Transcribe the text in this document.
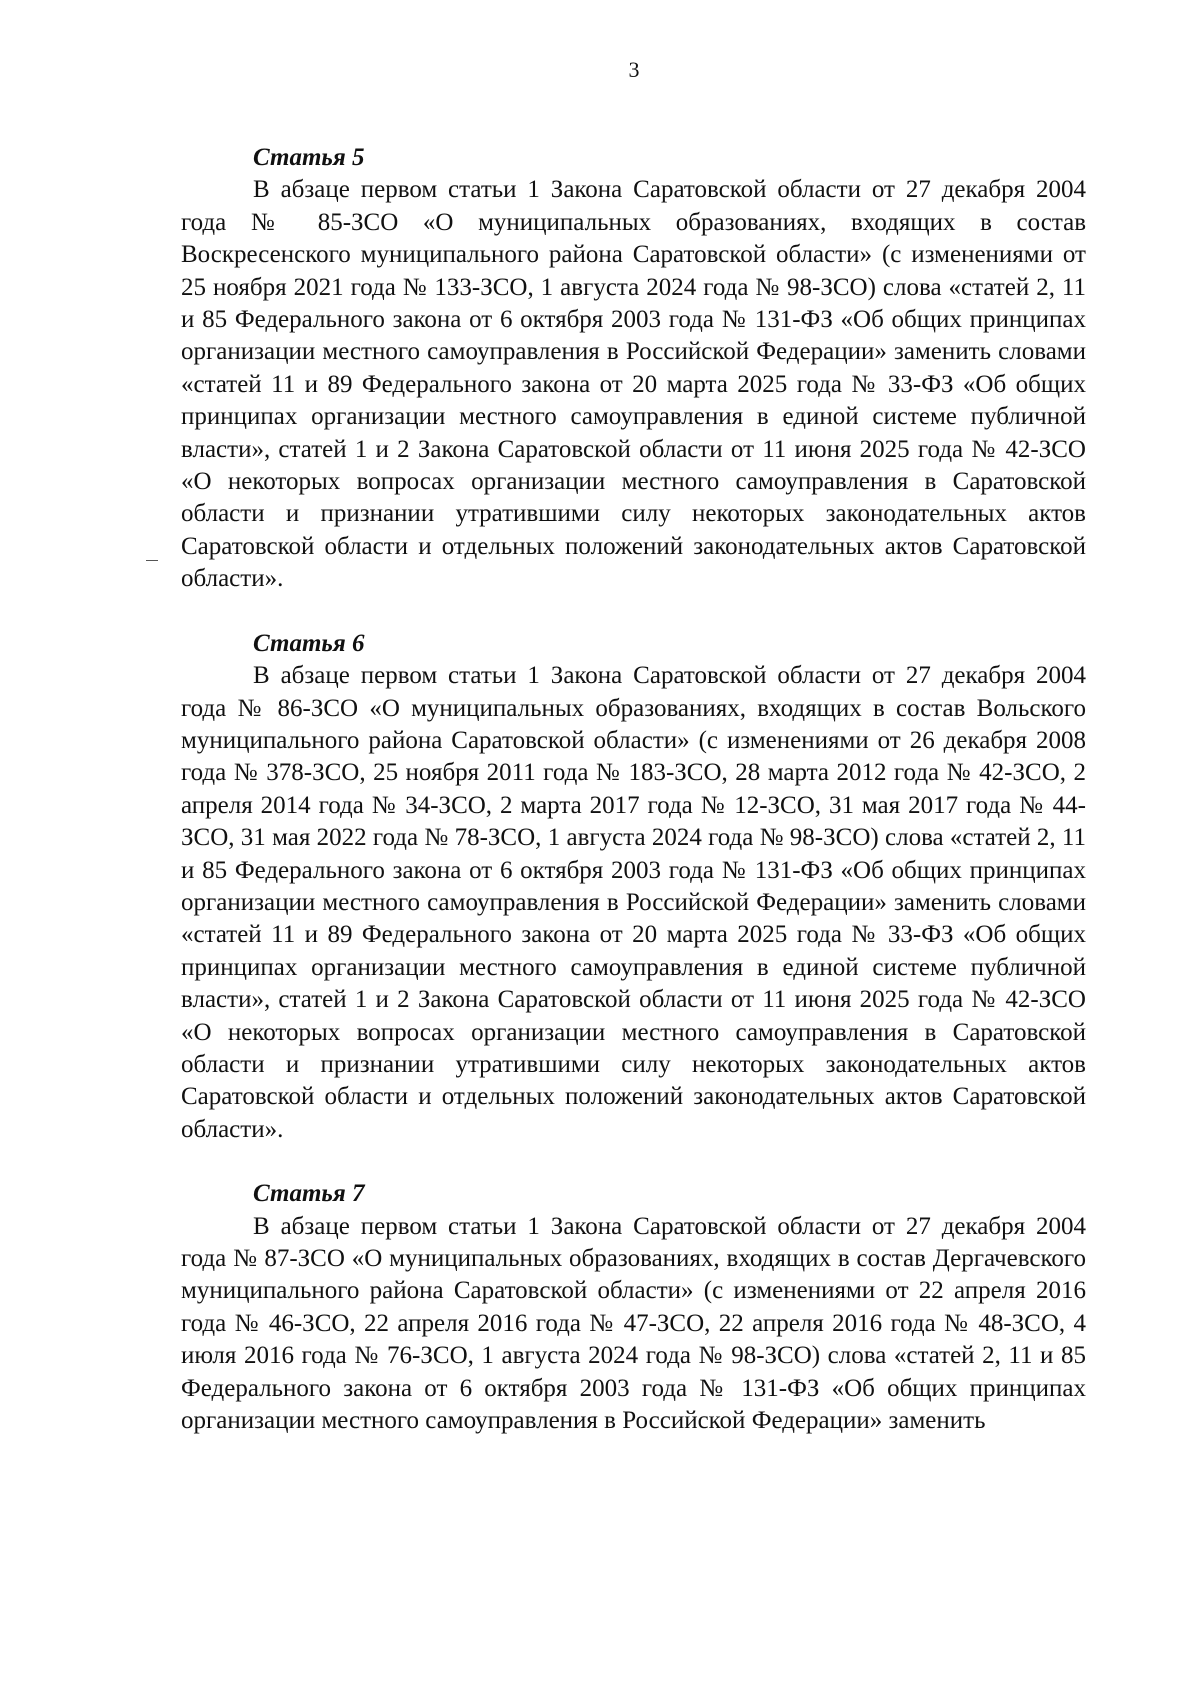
3
Статья 5

В абзаце первом статьи 1 Закона Саратовской области от 27 декабря 2004 года № 85-ЗСО «О муниципальных образованиях, входящих в состав Воскресенского муниципального района Саратовской области» (с изменениями от 25 ноября 2021 года № 133-ЗСО, 1 августа 2024 года № 98-ЗСО) слова «статей 2, 11 и 85 Федерального закона от 6 октября 2003 года № 131-ФЗ «Об общих принципах организации местного самоуправления в Российской Федерации» заменить словами «статей 11 и 89 Федерального закона от 20 марта 2025 года № 33-ФЗ «Об общих принципах организации местного самоуправления в единой системе публичной власти», статей 1 и 2 Закона Саратовской области от 11 июня 2025 года № 42-ЗСО «О некоторых вопросах организации местного самоуправления в Саратовской области и признании утратившими силу некоторых законодательных актов Саратовской области и отдельных положений законодательных актов Саратовской области».

Статья 6

В абзаце первом статьи 1 Закона Саратовской области от 27 декабря 2004 года № 86-ЗСО «О муниципальных образованиях, входящих в состав Вольского муниципального района Саратовской области» (с изменениями от 26 декабря 2008 года № 378-ЗСО, 25 ноября 2011 года № 183-ЗСО, 28 марта 2012 года № 42-ЗСО, 2 апреля 2014 года № 34-ЗСО, 2 марта 2017 года № 12-ЗСО, 31 мая 2017 года № 44-ЗСО, 31 мая 2022 года № 78-ЗСО, 1 августа 2024 года № 98-ЗСО) слова «статей 2, 11 и 85 Федерального закона от 6 октября 2003 года № 131-ФЗ «Об общих принципах организации местного самоуправления в Российской Федерации» заменить словами «статей 11 и 89 Федерального закона от 20 марта 2025 года № 33-ФЗ «Об общих принципах организации местного самоуправления в единой системе публичной власти», статей 1 и 2 Закона Саратовской области от 11 июня 2025 года № 42-ЗСО «О некоторых вопросах организации местного самоуправления в Саратовской области и признании утратившими силу некоторых законодательных актов Саратовской области и отдельных положений законодательных актов Саратовской области».

Статья 7

В абзаце первом статьи 1 Закона Саратовской области от 27 декабря 2004 года № 87-ЗСО «О муниципальных образованиях, входящих в состав Дергачевского муниципального района Саратовской области» (с изменениями от 22 апреля 2016 года № 46-ЗСО, 22 апреля 2016 года № 47-ЗСО, 22 апреля 2016 года № 48-ЗСО, 4 июля 2016 года № 76-ЗСО, 1 августа 2024 года № 98-ЗСО) слова «статей 2, 11 и 85 Федерального закона от 6 октября 2003 года № 131-ФЗ «Об общих принципах организации местного самоуправления в Российской Федерации» заменить
